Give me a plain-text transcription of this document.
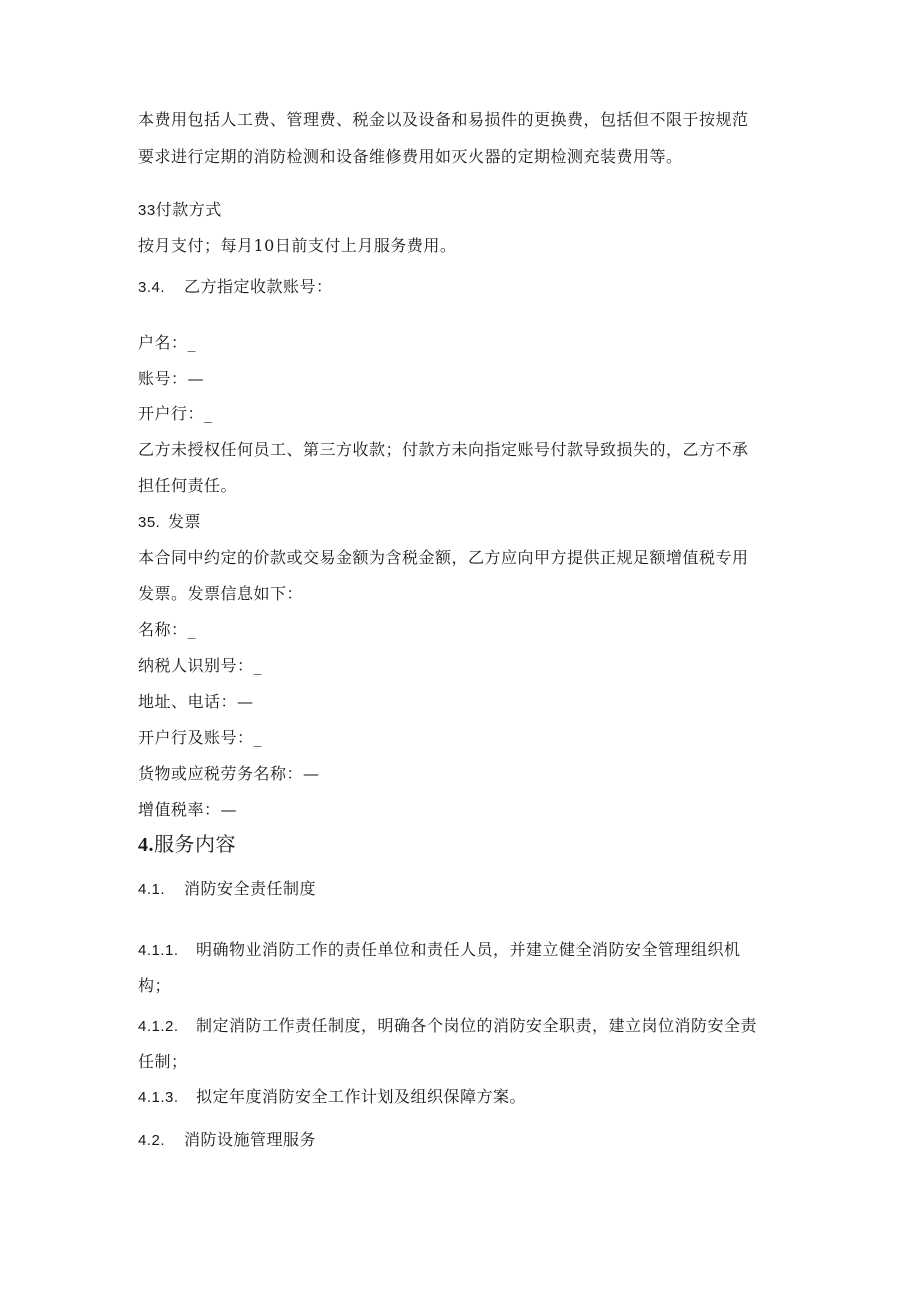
本费用包括人工费、管理费、税金以及设备和易损件的更换费，包括但不限于按规范
要求进行定期的消防检测和设备维修费用如灭火器的定期检测充装费用等。
33付款方式
按月支付；每月10日前支付上月服务费用。
3.4. 乙方指定收款账号：
户名：_
账号：—
开户行：_
乙方未授权任何员工、第三方收款；付款方未向指定账号付款导致损失的，乙方不承
担任何责任。
35. 发票
本合同中约定的价款或交易金额为含税金额，乙方应向甲方提供正规足额增值税专用
发票。发票信息如下：
名称：_
纳税人识别号：_
地址、电话：—
开户行及账号：_
货物或应税劳务名称：—
增值税率：—
4.服务内容
4.1. 消防安全责任制度
4.1.1. 明确物业消防工作的责任单位和责任人员，并建立健全消防安全管理组织机
构；
4.1.2. 制定消防工作责任制度，明确各个岗位的消防安全职责，建立岗位消防安全责
任制；
4.1.3. 拟定年度消防安全工作计划及组织保障方案。
4.2. 消防设施管理服务
